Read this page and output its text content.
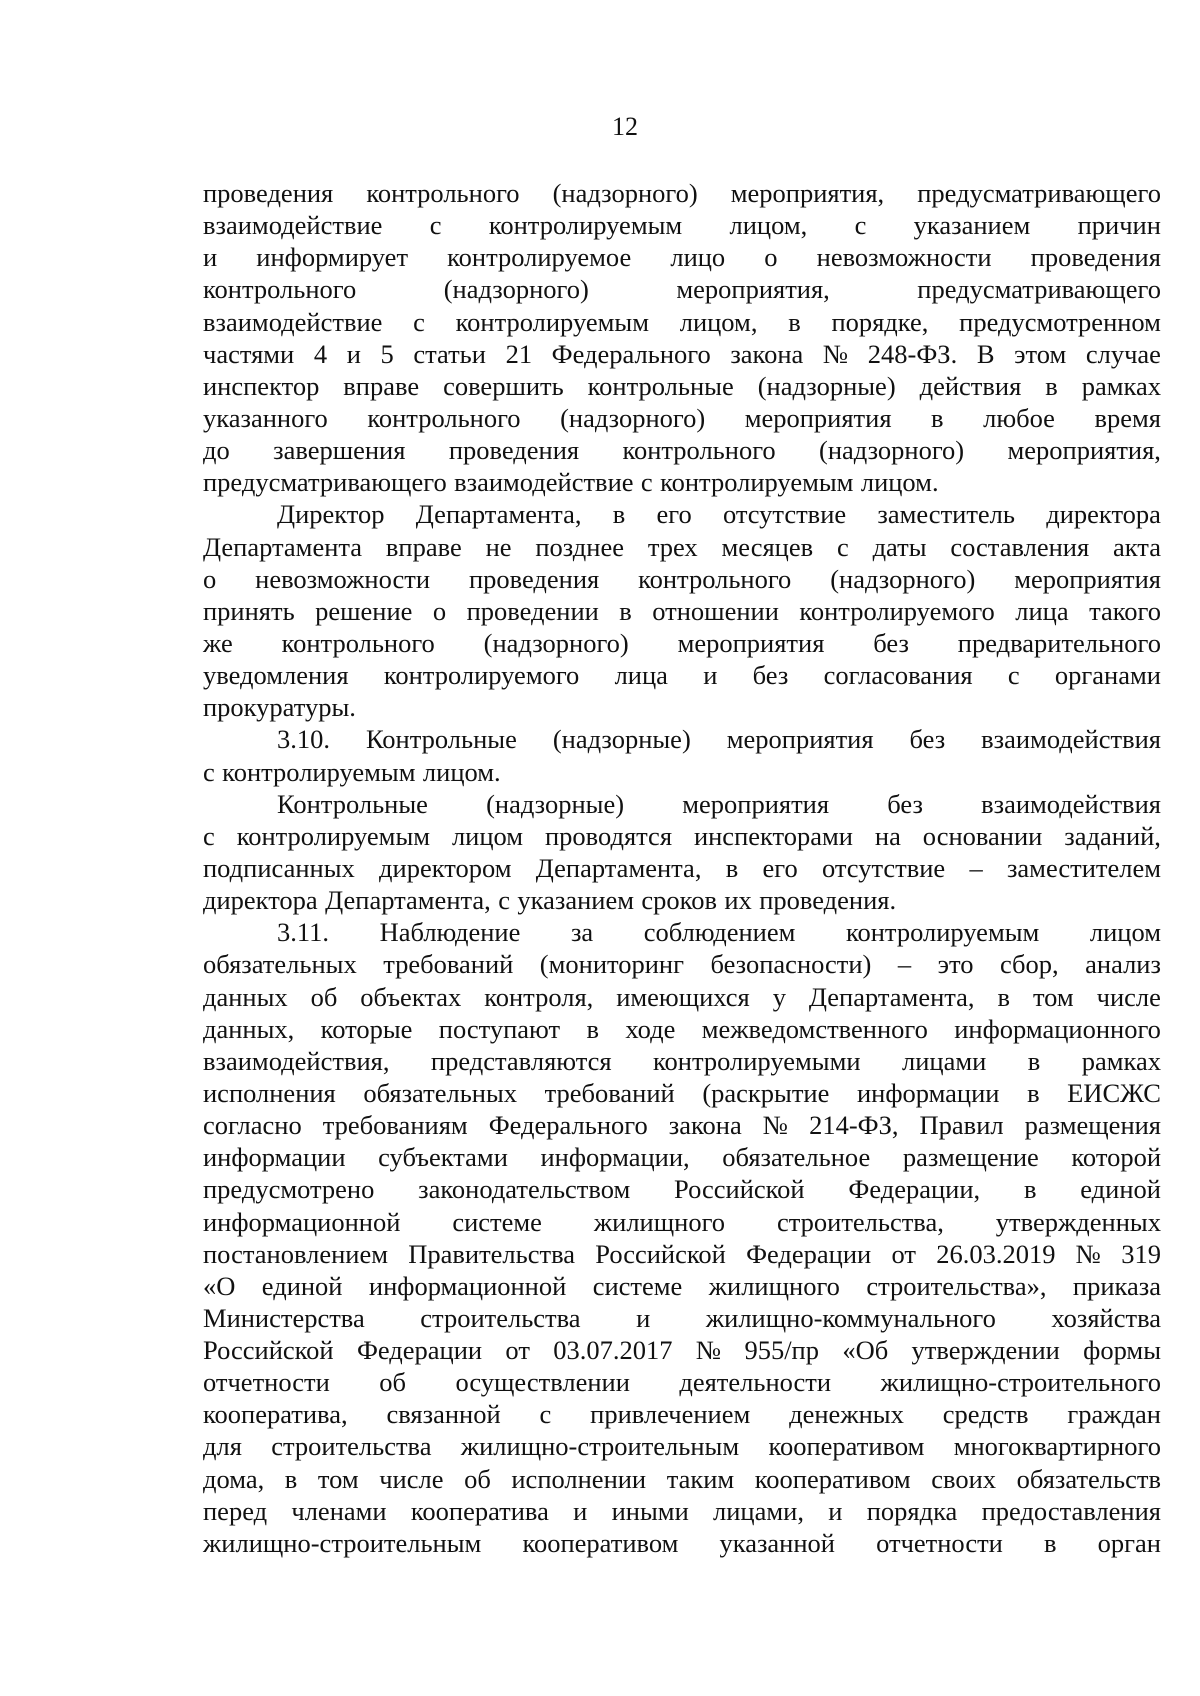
12
проведения контрольного (надзорного) мероприятия, предусматривающего
взаимодействие с контролируемым лицом, с указанием причин
и информирует контролируемое лицо о невозможности проведения
контрольного	(надзорного)	мероприятия,	предусматривающего
взаимодействие с контролируемым лицом, в порядке, предусмотренном
частями 4 и 5 статьи 21 Федерального закона № 248-ФЗ. В этом случае
инспектор вправе совершить контрольные (надзорные) действия в рамках
указанного контрольного (надзорного) мероприятия в любое время
до завершения проведения контрольного (надзорного) мероприятия,
предусматривающего взаимодействие с контролируемым лицом.
Директор Департамента, в его отсутствие заместитель директора
Департамента вправе не позднее трех месяцев с даты составления акта
о невозможности проведения контрольного (надзорного) мероприятия
принять решение о проведении в отношении контролируемого лица такого
же контрольного (надзорного) мероприятия без предварительного
уведомления контролируемого лица и без согласования с органами
прокуратуры.
3.10. Контрольные (надзорные) мероприятия без взаимодействия
с контролируемым лицом.
Контрольные (надзорные) мероприятия без взаимодействия
с контролируемым лицом проводятся инспекторами на основании заданий,
подписанных директором Департамента, в его отсутствие – заместителем
директора Департамента, с указанием сроков их проведения.
3.11. Наблюдение за соблюдением контролируемым лицом
обязательных требований (мониторинг безопасности) – это сбор, анализ
данных об объектах контроля, имеющихся у Департамента, в том числе
данных, которые поступают в ходе межведомственного информационного
взаимодействия, представляются контролируемыми лицами в рамках
исполнения обязательных требований (раскрытие информации в ЕИСЖС
согласно требованиям Федерального закона № 214-ФЗ, Правил размещения
информации субъектами информации, обязательное размещение которой
предусмотрено законодательством Российской Федерации, в единой
информационной системе жилищного строительства, утвержденных
постановлением Правительства Российской Федерации от 26.03.2019 № 319
«О единой информационной системе жилищного строительства», приказа
Министерства строительства и жилищно-коммунального хозяйства
Российской Федерации от 03.07.2017 № 955/пр «Об утверждении формы
отчетности об осуществлении деятельности жилищно-строительного
кооператива, связанной с привлечением денежных средств граждан
для строительства жилищно-строительным кооперативом многоквартирного
дома, в том числе об исполнении таким кооперативом своих обязательств
перед членами кооператива и иными лицами, и порядка предоставления
жилищно-строительным кооперативом указанной отчетности в орган
